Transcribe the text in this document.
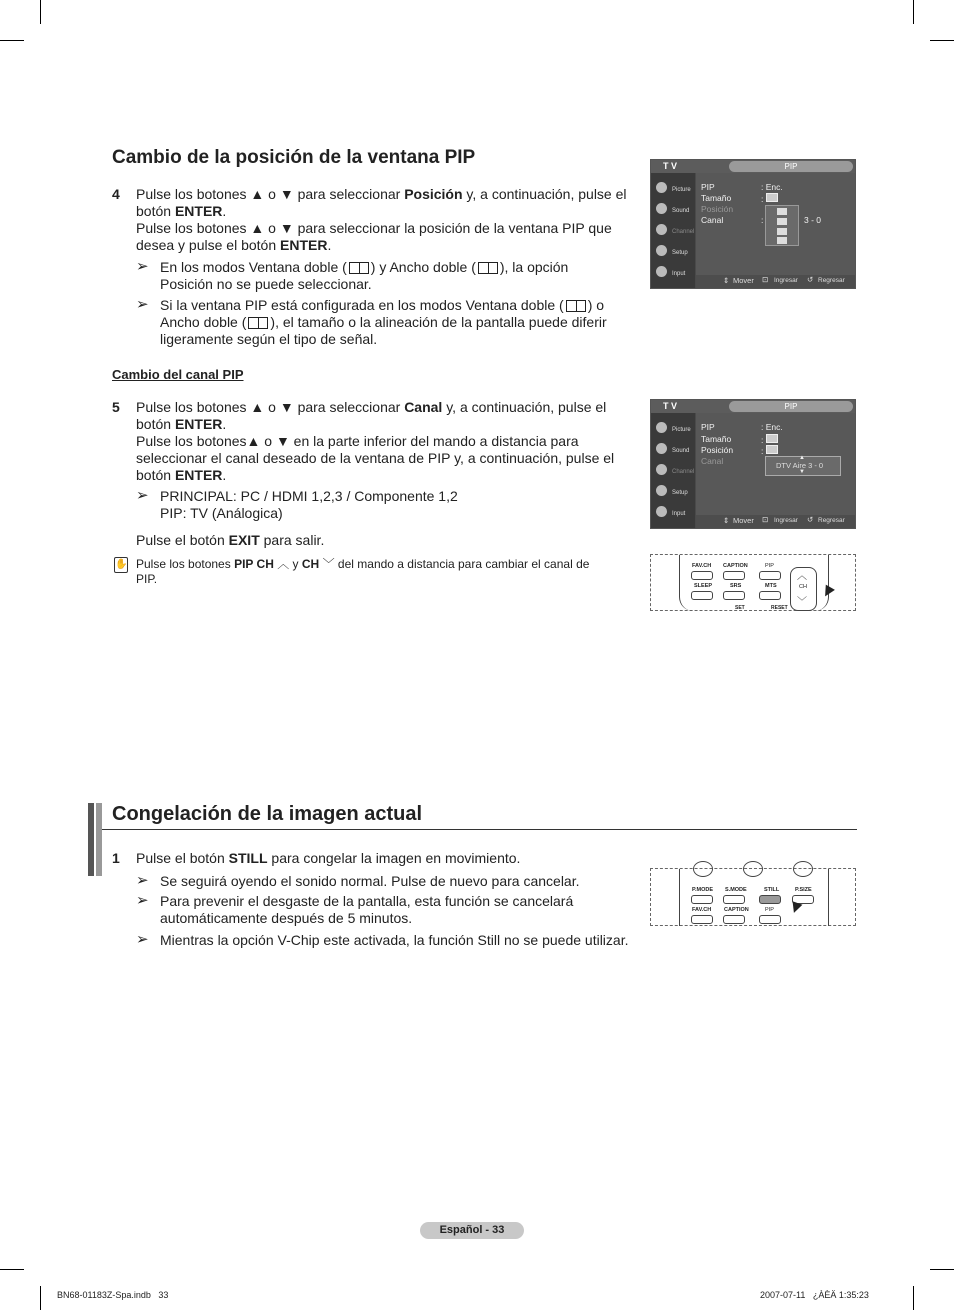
Cambio de la posición de la ventana PIP
4 Pulse los botones ▲ o ▼ para seleccionar Posición y, a continuación, pulse el
botón ENTER.
Pulse los botones ▲ o ▼ para seleccionar la posición de la ventana PIP que
desea y pulse el botón ENTER.
➢ En los modos Ventana doble ( ) y Ancho doble ( ), la opción
Posición no se puede seleccionar.
➢ Si la ventana PIP está configurada en los modos Ventana doble ( ) o
Ancho doble ( ), el tamaño o la alineación de la pantalla puede diferir
ligeramente según el tipo de señal.
Cambio del canal PIP
5 Pulse los botones ▲ o ▼ para seleccionar Canal y, a continuación, pulse el
botón ENTER.
Pulse los botones▲ o ▼ en la parte inferior del mando a distancia para
seleccionar el canal deseado de la ventana de PIP y, a continuación, pulse el
botón ENTER.
➢ PRINCIPAL: PC / HDMI 1,2,3 / Componente 1,2
PIP: TV (Análogica)
Pulse el botón EXIT para salir.
✋ Pulse los botones PIP CH ︿ y CH ﹀ del mando a distancia para cambiar el canal de
PIP.
T V	PIP
Picture
Sound
Channel
Setup
Input
PIP	: Enc.
Tamaño	:
Posición
Canal	:	3 - 0
⇕ Mover ⊡ Ingresar ↺ Regresar
T V	PIP
Picture
Sound
Channel
Setup
Input
PIP	: Enc.
Tamaño	:
Posición	:
Canal	▲
DTV Aire 3 - 0
▼
⇕ Mover ⊡ Ingresar ↺ Regresar
FAV.CH CAPTION	PIP
SLEEP	SRS	MTS
SET	RESET
︿
CH
﹀ ▼
Congelación de la imagen actual
1 Pulse el botón STILL para congelar la imagen en movimiento.
➢ Se seguirá oyendo el sonido normal. Pulse de nuevo para cancelar.
➢ Para prevenir el desgaste de la pantalla, esta función se cancelará
automáticamente después de 5 minutos.
➢ Mientras la opción V-Chip este activada, la función Still no se puede utilizar.
P.MODE S.MODE	STILL	P.SIZE
FAV.CH CAPTION	PIP ▼
Español - 33
BN68-01183Z-Spa.indb   33	2007-07-11   ¿ÀÈÄ 1:35:23
